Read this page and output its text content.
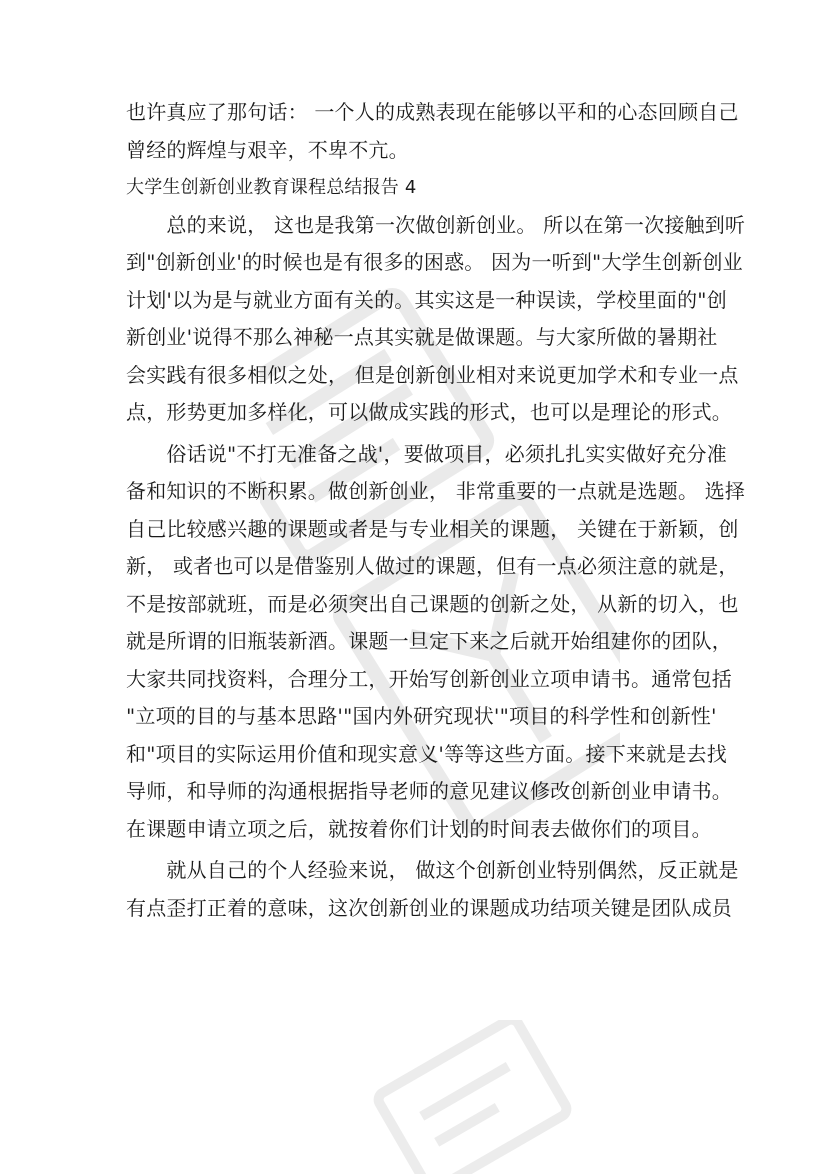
也许真应了那句话： 一个人的成熟表现在能够以平和的心态回顾自己
曾经的辉煌与艰辛，不卑不亢。
大学生创新创业教育课程总结报告 4
　　总的来说， 这也是我第一次做创新创业。 所以在第一次接触到听
到"创新创业'的时候也是有很多的困惑。 因为一听到"大学生创新创业
计划'以为是与就业方面有关的。其实这是一种误读，学校里面的"创
新创业'说得不那么神秘一点其实就是做课题。与大家所做的暑期社
会实践有很多相似之处， 但是创新创业相对来说更加学术和专业一点
点，形势更加多样化，可以做成实践的形式，也可以是理论的形式。
　　俗话说"不打无准备之战'，要做项目，必须扎扎实实做好充分准
备和知识的不断积累。做创新创业， 非常重要的一点就是选题。 选择
自己比较感兴趣的课题或者是与专业相关的课题， 关键在于新颖，创
新， 或者也可以是借鉴别人做过的课题，但有一点必须注意的就是，
不是按部就班，而是必须突出自己课题的创新之处， 从新的切入，也
就是所谓的旧瓶装新酒。课题一旦定下来之后就开始组建你的团队，
大家共同找资料，合理分工，开始写创新创业立项申请书。通常包括
"立项的目的与基本思路'"国内外研究现状'"项目的科学性和创新性'
和"项目的实际运用价值和现实意义'等等这些方面。接下来就是去找
导师，和导师的沟通根据指导老师的意见建议修改创新创业申请书。
在课题申请立项之后，就按着你们计划的时间表去做你们的项目。
　　就从自己的个人经验来说， 做这个创新创业特别偶然，反正就是
有点歪打正着的意味，这次创新创业的课题成功结项关键是团队成员
